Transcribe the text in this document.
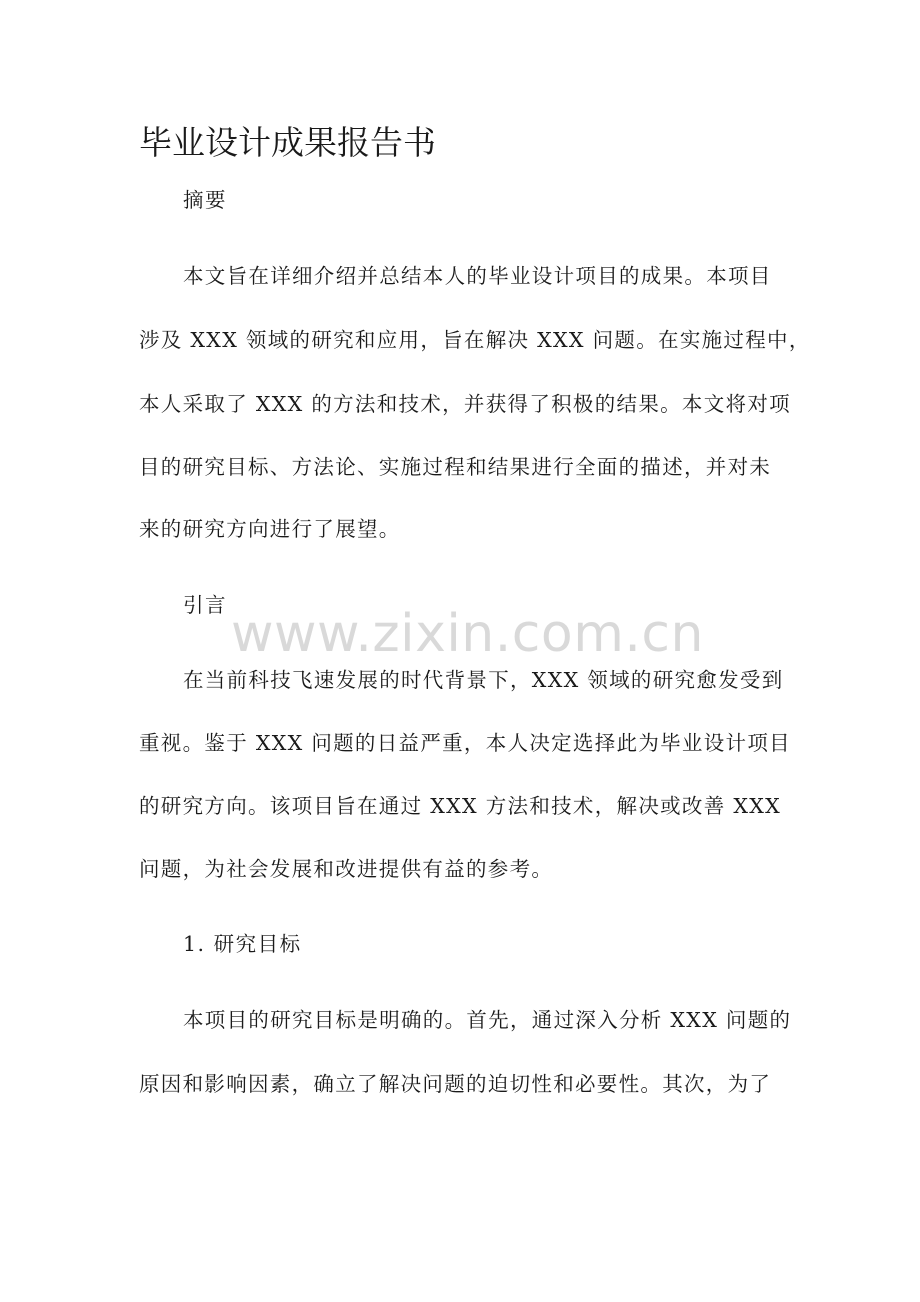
毕业设计成果报告书

摘要

本文旨在详细介绍并总结本人的毕业设计项目的成果。本项目

涉及 XXX 领域的研究和应用，旨在解决 XXX 问题。在实施过程中，

本人采取了 XXX 的方法和技术，并获得了积极的结果。本文将对项

目的研究目标、方法论、实施过程和结果进行全面的描述，并对未

来的研究方向进行了展望。

引言 www.zixin.com.cn

在当前科技飞速发展的时代背景下，XXX 领域的研究愈发受到

重视。鉴于 XXX 问题的日益严重，本人决定选择此为毕业设计项目

的研究方向。该项目旨在通过 XXX 方法和技术，解决或改善 XXX

问题，为社会发展和改进提供有益的参考。

1. 研究目标

本项目的研究目标是明确的。首先，通过深入分析 XXX 问题的

原因和影响因素，确立了解决问题的迫切性和必要性。其次，为了
